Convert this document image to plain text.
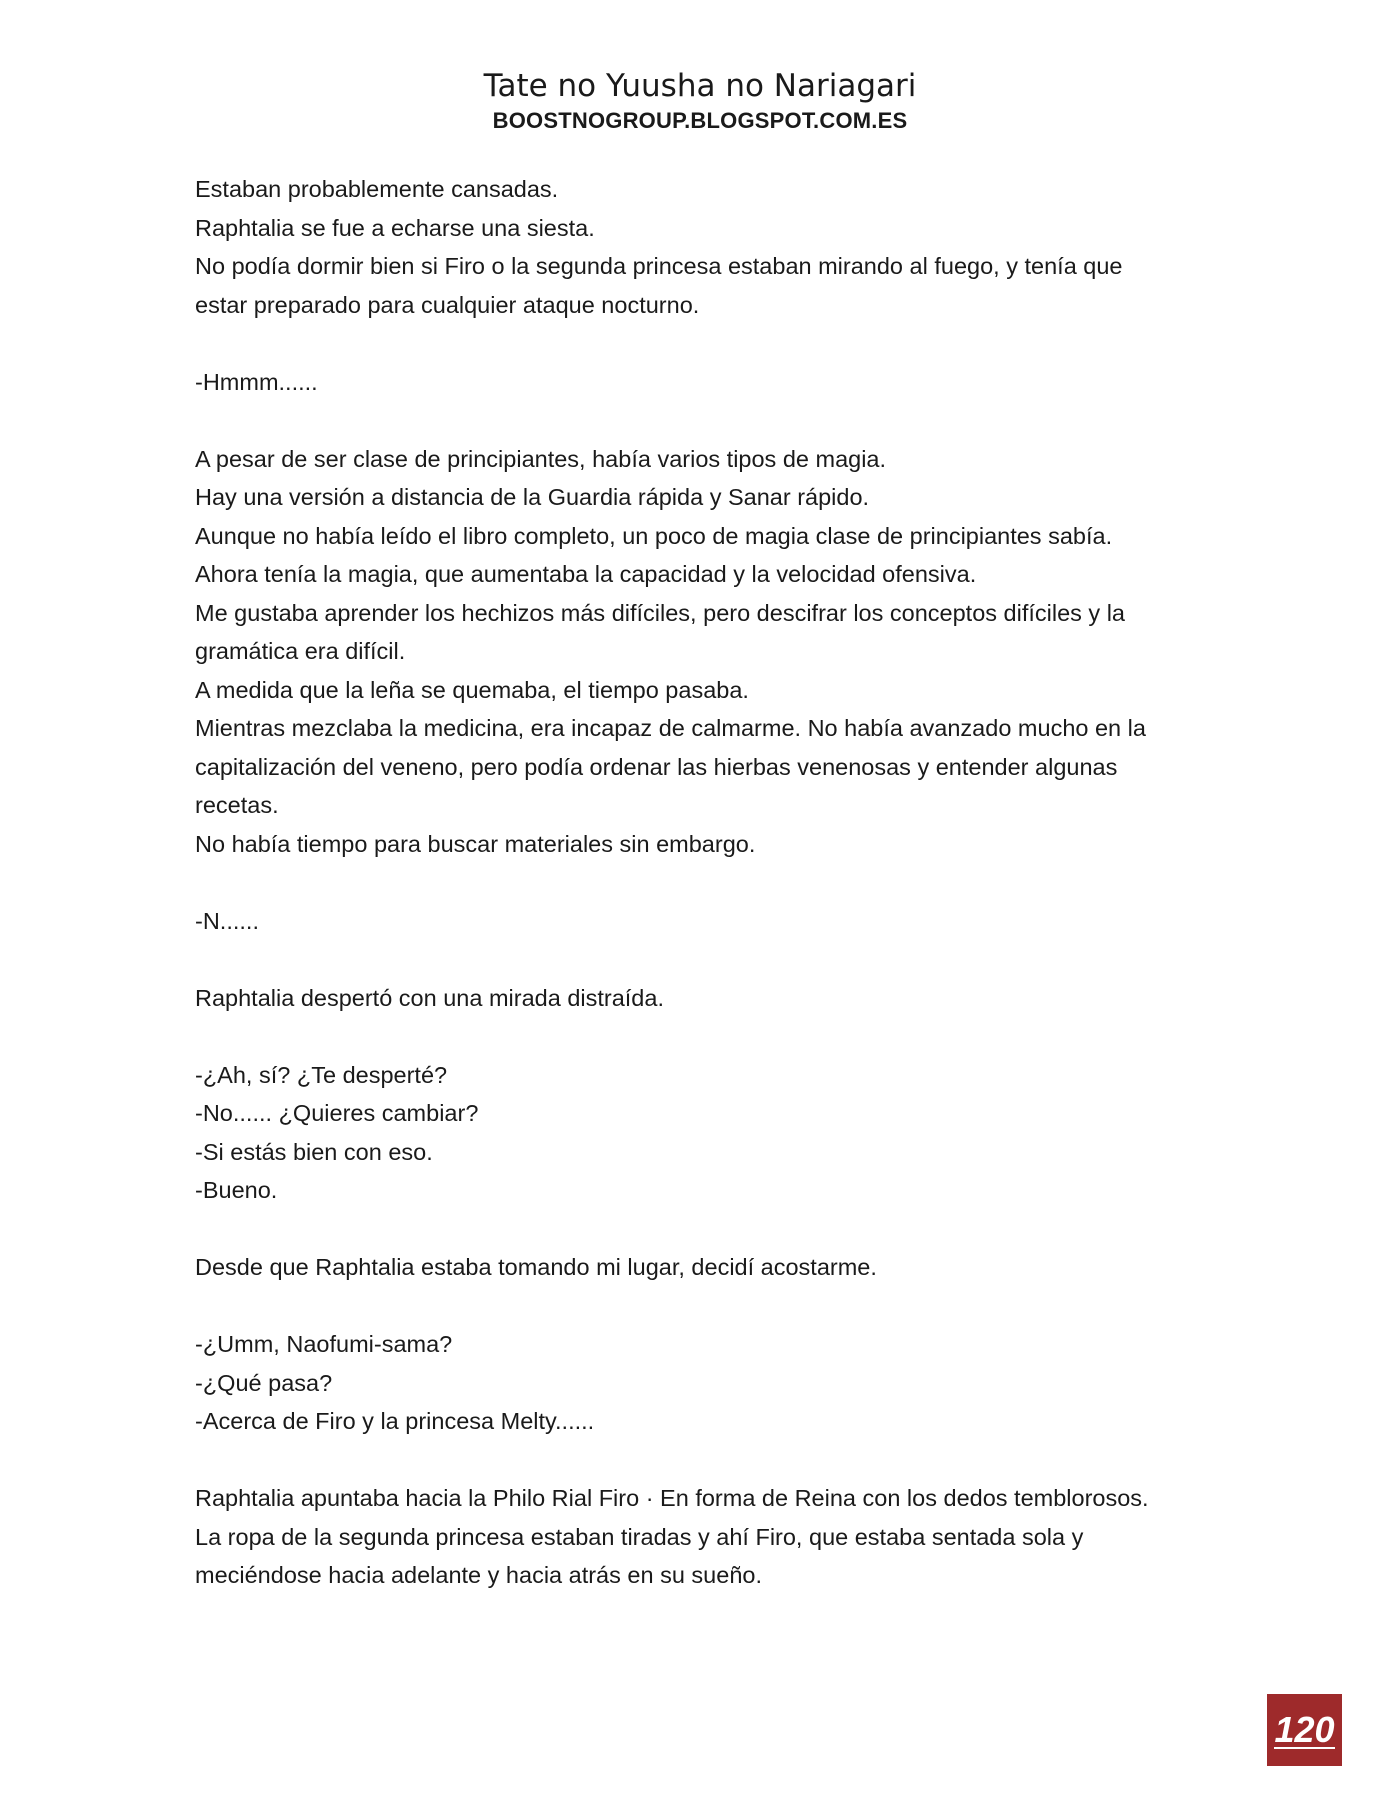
Tate no Yuusha no Nariagari
BOOSTNOGROUP.BLOGSPOT.COM.ES
Estaban probablemente cansadas.
Raphtalia se fue a echarse una siesta.
No podía dormir bien si Firo o la segunda princesa estaban mirando al fuego, y tenía que
estar preparado para cualquier ataque nocturno.
-Hmmm......
A pesar de ser clase de principiantes, había varios tipos de magia.
Hay una versión a distancia de la Guardia rápida y Sanar rápido.
Aunque no había leído el libro completo, un poco de magia clase de principiantes sabía.
Ahora tenía la magia, que aumentaba la capacidad y la velocidad ofensiva.
Me gustaba aprender los hechizos más difíciles, pero descifrar los conceptos difíciles y la
gramática era difícil.
A medida que la leña se quemaba, el tiempo pasaba.
Mientras mezclaba la medicina, era incapaz de calmarme. No había avanzado mucho en la
capitalización del veneno, pero podía ordenar las hierbas venenosas y entender algunas
recetas.
No había tiempo para buscar materiales sin embargo.
-N......
Raphtalia despertó con una mirada distraída.
-¿Ah, sí? ¿Te desperté?
-No...... ¿Quieres cambiar?
-Si estás bien con eso.
-Bueno.
Desde que Raphtalia estaba tomando mi lugar, decidí acostarme.
-¿Umm, Naofumi-sama?
-¿Qué pasa?
-Acerca de Firo y la princesa Melty......
Raphtalia apuntaba hacia la Philo Rial Firo · En forma de Reina con los dedos temblorosos.
La ropa de la segunda princesa estaban tiradas y ahí Firo, que estaba sentada sola y
meciéndose hacia adelante y hacia atrás en su sueño.
120
